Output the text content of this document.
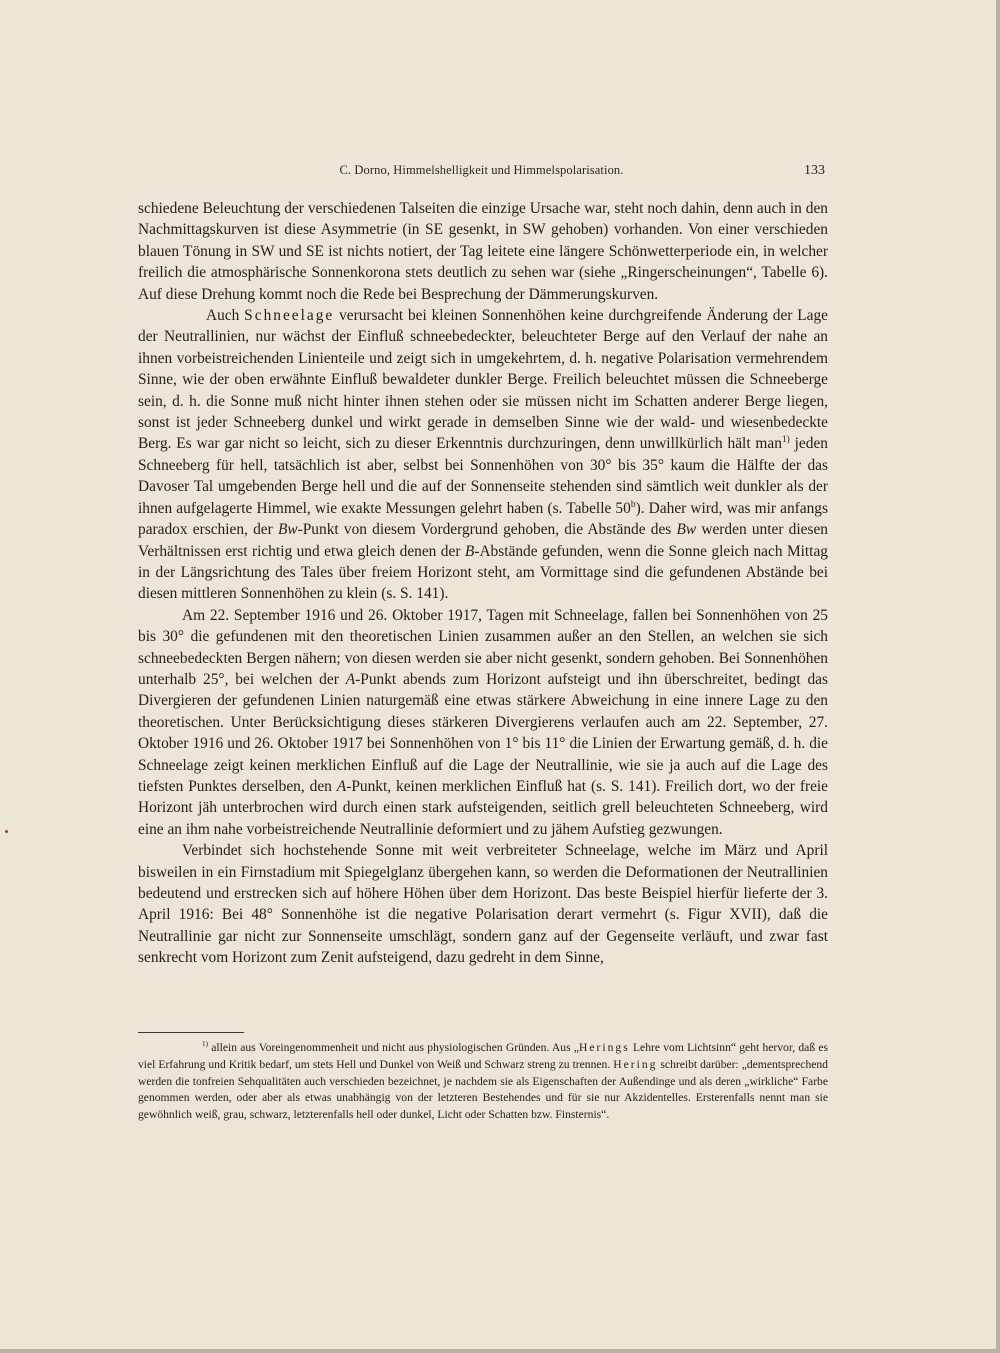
C. Dorno, Himmelshelligkeit und Himmelspolarisation.	133

schiedene Beleuchtung der verschiedenen Talseiten die einzige Ursache war, steht noch dahin, denn auch in den Nachmittagskurven ist diese Asymmetrie (in SE gesenkt, in SW gehoben) vorhanden. Von einer verschieden blauen Tönung in SW und SE ist nichts notiert, der Tag leitete eine längere Schönwetterperiode ein, in welcher freilich die atmosphärische Sonnenkorona stets deutlich zu sehen war (siehe „Ringerscheinungen“, Tabelle 6). Auf diese Drehung kommt noch die Rede bei Besprechung der Dämmerungskurven.

Auch Schneelage verursacht bei kleinen Sonnenhöhen keine durchgreifende Änderung der Lage der Neutrallinien, nur wächst der Einfluß schneebedeckter, beleuchteter Berge auf den Verlauf der nahe an ihnen vorbeistreichenden Linienteile und zeigt sich in umgekehrtem, d. h. negative Polarisation vermehrendem Sinne, wie der oben erwähnte Einfluß bewaldeter dunkler Berge. Freilich beleuchtet müssen die Schneeberge sein, d. h. die Sonne muß nicht hinter ihnen stehen oder sie müssen nicht im Schatten anderer Berge liegen, sonst ist jeder Schneeberg dunkel und wirkt gerade in demselben Sinne wie der wald- und wiesenbedeckte Berg. Es war gar nicht so leicht, sich zu dieser Erkenntnis durchzuringen, denn unwillkürlich hält man$^{1)}$ jeden Schneeberg für hell, tatsächlich ist aber, selbst bei Sonnenhöhen von 30° bis 35° kaum die Hälfte der das Davoser Tal umgebenden Berge hell und die auf der Sonnenseite stehenden sind sämtlich weit dunkler als der ihnen aufgelagerte Himmel, wie exakte Messungen gelehrt haben (s. Tabelle 50$^b$). Daher wird, was mir anfangs paradox erschien, der Bw-Punkt von diesem Vordergrund gehoben, die Abstände des Bw werden unter diesen Verhältnissen erst richtig und etwa gleich denen der B-Abstände gefunden, wenn die Sonne gleich nach Mittag in der Längsrichtung des Tales über freiem Horizont steht, am Vormittage sind die gefundenen Abstände bei diesen mittleren Sonnenhöhen zu klein (s. S. 141).

Am 22. September 1916 und 26. Oktober 1917, Tagen mit Schneelage, fallen bei Sonnenhöhen von 25 bis 30° die gefundenen mit den theoretischen Linien zusammen außer an den Stellen, an welchen sie sich schneebedeckten Bergen nähern; von diesen werden sie aber nicht gesenkt, sondern gehoben. Bei Sonnenhöhen unterhalb 25°, bei welchen der A-Punkt abends zum Horizont aufsteigt und ihn überschreitet, bedingt das Divergieren der gefundenen Linien naturgemäß eine etwas stärkere Abweichung in eine innere Lage zu den theoretischen. Unter Berücksichtigung dieses stärkeren Divergierens verlaufen auch am 22. September, 27. Oktober 1916 und 26. Oktober 1917 bei Sonnenhöhen von 1° bis 11° die Linien der Erwartung gemäß, d. h. die Schneelage zeigt keinen merklichen Einfluß auf die Lage der Neutrallinie, wie sie ja auch auf die Lage des tiefsten Punktes derselben, den A-Punkt, keinen merklichen Einfluß hat (s. S. 141). Freilich dort, wo der freie Horizont jäh unterbrochen wird durch einen stark aufsteigenden, seitlich grell beleuchteten Schneeberg, wird eine an ihm nahe vorbeistreichende Neutrallinie deformiert und zu jähem Aufstieg gezwungen.

Verbindet sich hochstehende Sonne mit weit verbreiteter Schneelage, welche im März und April bisweilen in ein Firnstadium mit Spiegelglanz übergehen kann, so werden die Deformationen der Neutrallinien bedeutend und erstrecken sich auf höhere Höhen über dem Horizont. Das beste Beispiel hierfür lieferte der 3. April 1916: Bei 48° Sonnenhöhe ist die negative Polarisation derart vermehrt (s. Figur XVII), daß die Neutrallinie gar nicht zur Sonnenseite umschlägt, sondern ganz auf der Gegenseite verläuft, und zwar fast senkrecht vom Horizont zum Zenit aufsteigend, dazu gedreht in dem Sinne,

$^{1)}$ allein aus Voreingenommenheit und nicht aus physiologischen Gründen. Aus „Herings Lehre vom Lichtsinn“ geht hervor, daß es viel Erfahrung und Kritik bedarf, um stets Hell und Dunkel von Weiß und Schwarz streng zu trennen. Hering schreibt darüber: „dementsprechend werden die tonfreien Sehqualitäten auch verschieden bezeichnet, je nachdem sie als Eigenschaften der Außendinge und als deren „wirkliche“ Farbe genommen werden, oder aber als etwas unabhängig von der letzteren Bestehendes und für sie nur Akzidentelles. Ersterenfalls nennt man sie gewöhnlich weiß, grau, schwarz, letzterenfalls hell oder dunkel, Licht oder Schatten bzw. Finsternis“.
